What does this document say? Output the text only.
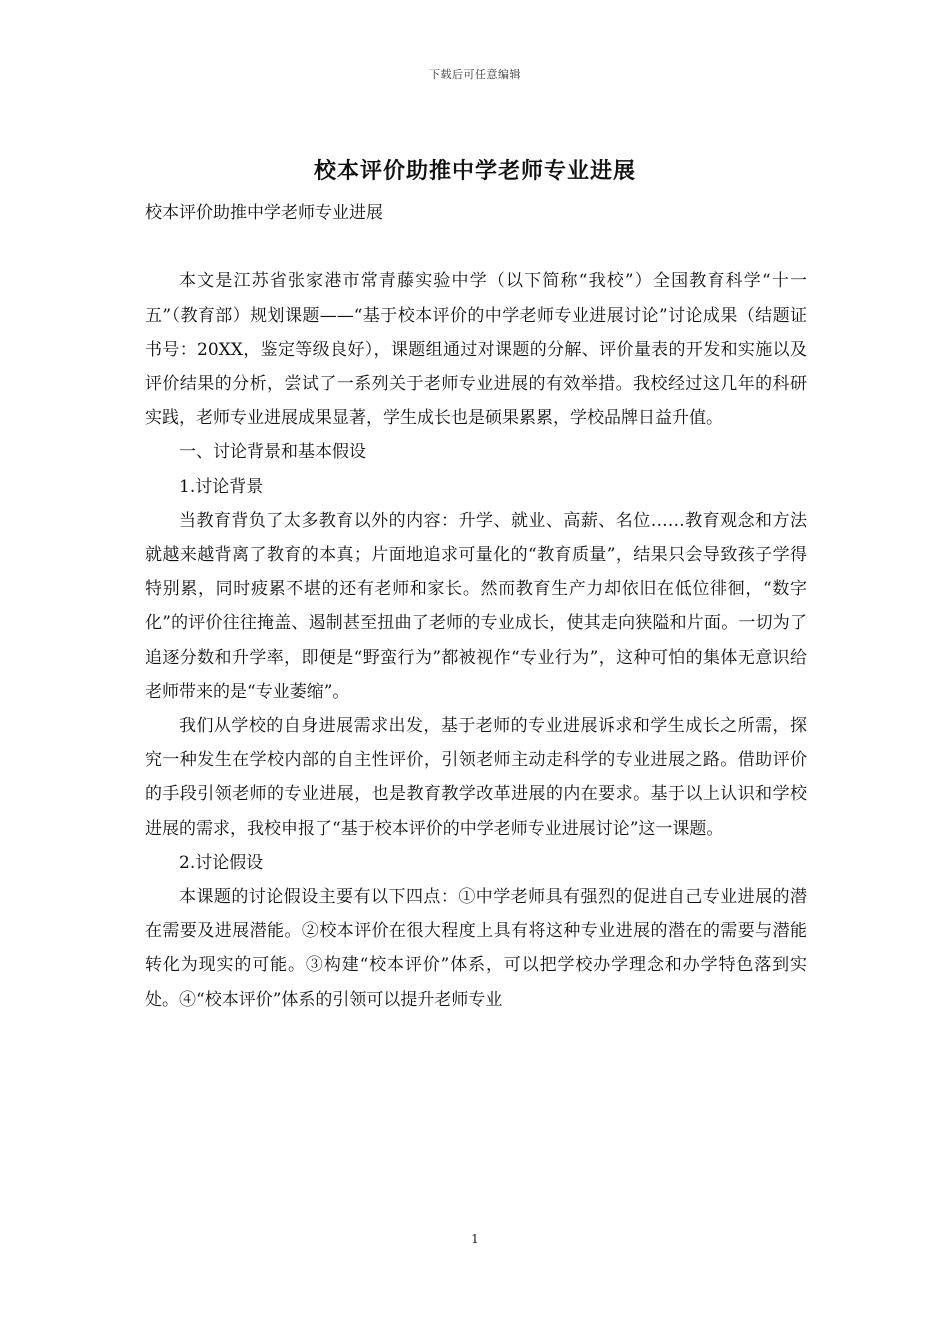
下载后可任意编辑
校本评价助推中学老师专业进展

校本评价助推中学老师专业进展

本文是江苏省张家港市常青藤实验中学（以下简称“我校”）全国教育科学“十一五”（教育部）规划课题——“基于校本评价的中学老师专业进展讨论”讨论成果（结题证书号：20XX，鉴定等级良好），课题组通过对课题的分解、评价量表的开发和实施以及评价结果的分析，尝试了一系列关于老师专业进展的有效举措。我校经过这几年的科研实践，老师专业进展成果显著，学生成长也是硕果累累，学校品牌日益升值。

一、讨论背景和基本假设

1.讨论背景

当教育背负了太多教育以外的内容：升学、就业、高薪、名位……教育观念和方法就越来越背离了教育的本真；片面地追求可量化的“教育质量”，结果只会导致孩子学得特别累，同时疲累不堪的还有老师和家长。然而教育生产力却依旧在低位徘徊，“数字化”的评价往往掩盖、遏制甚至扭曲了老师的专业成长，使其走向狭隘和片面。一切为了追逐分数和升学率，即便是“野蛮行为”都被视作“专业行为”，这种可怕的集体无意识给老师带来的是“专业萎缩”。

我们从学校的自身进展需求出发，基于老师的专业进展诉求和学生成长之所需，探究一种发生在学校内部的自主性评价，引领老师主动走科学的专业进展之路。借助评价的手段引领老师的专业进展，也是教育教学改革进展的内在要求。基于以上认识和学校进展的需求，我校申报了“基于校本评价的中学老师专业进展讨论”这一课题。

2.讨论假设

本课题的讨论假设主要有以下四点：①中学老师具有强烈的促进自己专业进展的潜在需要及进展潜能。②校本评价在很大程度上具有将这种专业进展的潜在的需要与潜能转化为现实的可能。③构建“校本评价”体系，可以把学校办学理念和办学特色落到实处。④“校本评价”体系的引领可以提升老师专业

1
